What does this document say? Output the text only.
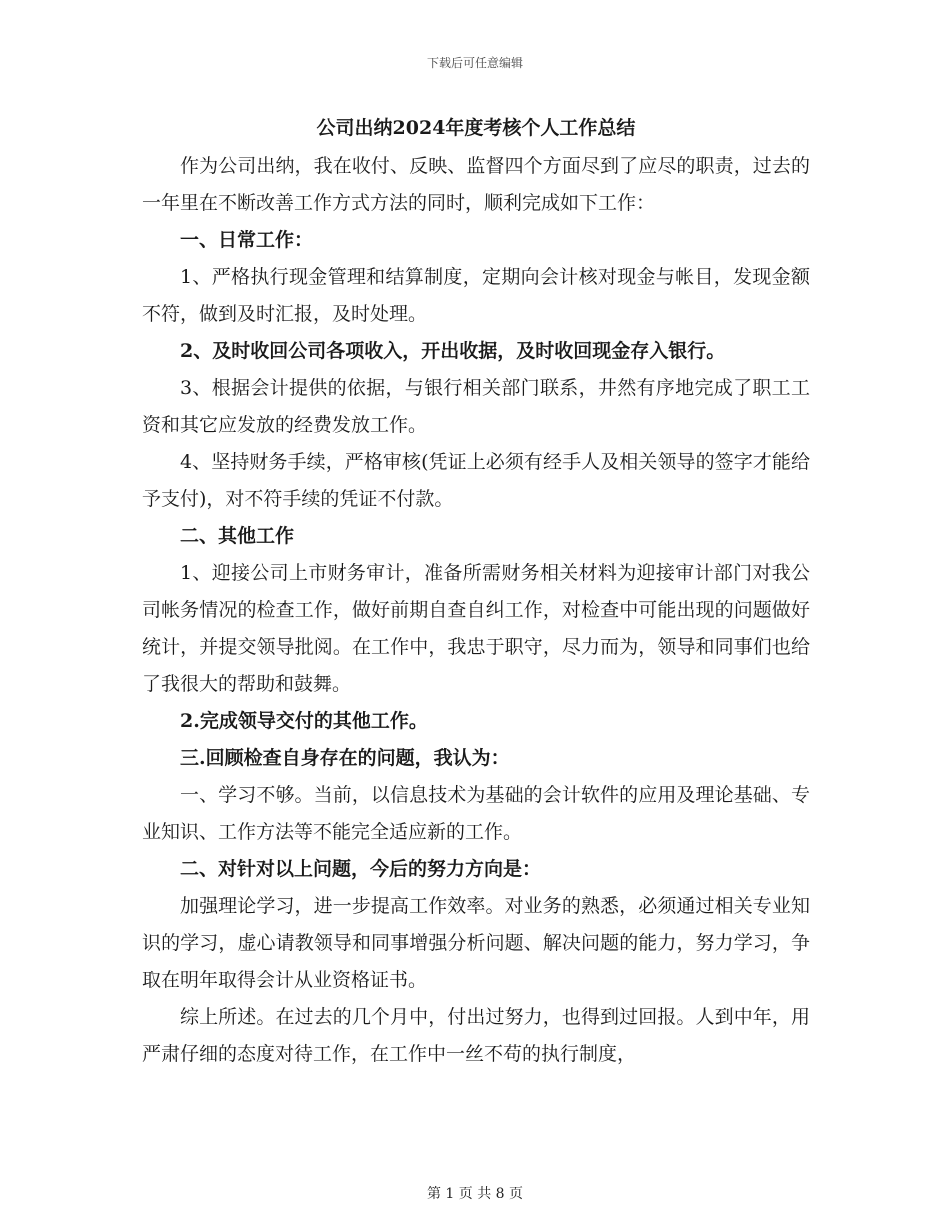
下载后可任意编辑
公司出纳2024年度考核个人工作总结

作为公司出纳，我在收付、反映、监督四个方面尽到了应尽的职责，过去的一年里在不断改善工作方式方法的同时，顺利完成如下工作：

一、日常工作：

1、严格执行现金管理和结算制度，定期向会计核对现金与帐目，发现金额不符，做到及时汇报，及时处理。

2、及时收回公司各项收入，开出收据，及时收回现金存入银行。

3、根据会计提供的依据，与银行相关部门联系，井然有序地完成了职工工资和其它应发放的经费发放工作。

4、坚持财务手续，严格审核(凭证上必须有经手人及相关领导的签字才能给予支付)，对不符手续的凭证不付款。

二、其他工作

1、迎接公司上市财务审计，准备所需财务相关材料为迎接审计部门对我公司帐务情况的检查工作，做好前期自查自纠工作，对检查中可能出现的问题做好统计，并提交领导批阅。在工作中，我忠于职守，尽力而为，领导和同事们也给了我很大的帮助和鼓舞。

2.完成领导交付的其他工作。

三.回顾检查自身存在的问题，我认为：

一、学习不够。当前，以信息技术为基础的会计软件的应用及理论基础、专业知识、工作方法等不能完全适应新的工作。

二、对针对以上问题，今后的努力方向是：

加强理论学习，进一步提高工作效率。对业务的熟悉，必须通过相关专业知识的学习，虚心请教领导和同事增强分析问题、解决问题的能力，努力学习，争取在明年取得会计从业资格证书。

综上所述。在过去的几个月中，付出过努力，也得到过回报。人到中年，用严肃仔细的态度对待工作，在工作中一丝不苟的执行制度，

第 1 页 共 8 页
